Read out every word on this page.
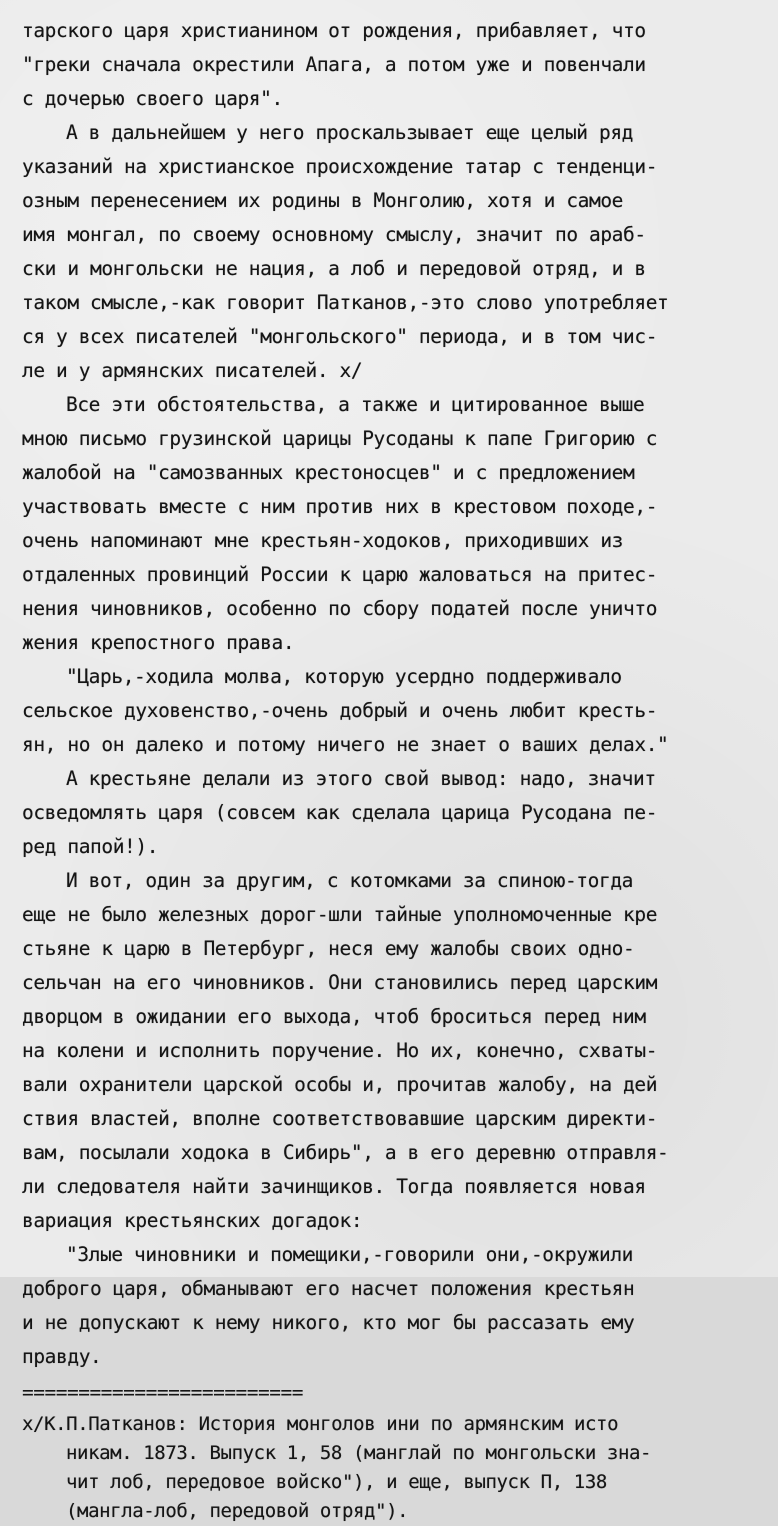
тарского царя христианином от рождения, прибавляет, что
"греки сначала окрестили Апага, а потом уже и повенчали
с дочерью своего царя".
А в дальнейшем у него проскальзывает еще целый ряд
указаний на христианское происхождение татар с тенденци-
озным перенесением их родины в Монголию, хотя и самое
имя монгал, по своему основному смыслу, значит по араб-
ски и монгольски не нация, а лоб и передовой отряд, и в
таком смысле,-как говорит Патканов,-это слово употребляет
ся у всех писателей "монгольского" периода, и в том чис-
ле и у армянских писателей. x/
Все эти обстоятельства, а также и цитированное выше
мною письмо грузинской царицы Русоданы к папе Григорию с
жалобой на "самозванных крестоносцев" и с предложением
участвовать вместе с ним против них в крестовом походе,-
очень напоминают мне крестьян-ходоков, приходивших из
отдаленных провинций России к царю жаловаться на притес-
нения чиновников, особенно по сбору податей после уничто
жения крепостного права.
"Царь,-ходила молва, которую усердно поддерживало
сельское духовенство,-очень добрый и очень любит кресть-
ян, но он далеко и потому ничего не знает о ваших делах."
А крестьяне делали из этого свой вывод: надо, значит
осведомлять царя (совсем как сделала царица Русодана пе-
ред папой!).
И вот, один за другим, с котомками за спиною-тогда
еще не было железных дорог-шли тайные уполномоченные кре
стьяне к царю в Петербург, неся ему жалобы своих одно-
сельчан на его чиновников. Они становились перед царским
дворцом в ожидании его выхода, чтоб броситься перед ним
на колени и исполнить поручение. Но их, конечно, схваты-
вали охранители царской особы и, прочитав жалобу, на дей
ствия властей, вполне соответствовавшие царским директи-
вам, посылали ходока в Сибирь", а в его деревню отправля-
ли следователя найти зачинщиков. Тогда появляется новая
вариация крестьянских догадок:
"Злые чиновники и помещики,-говорили они,-окружили
доброго царя, обманывают его насчет положения крестьян
и не допускают к нему никого, кто мог бы рассазать ему
правду.
=========================
x/К.П.Патканов: История монголов ини по армянским исто
никам. 1873. Выпуск 1, 58 (манглай по монгольски зна-
чит лоб, передовое войско"), и еще, выпуск П, 138
(мангла-лоб, передовой отряд").
